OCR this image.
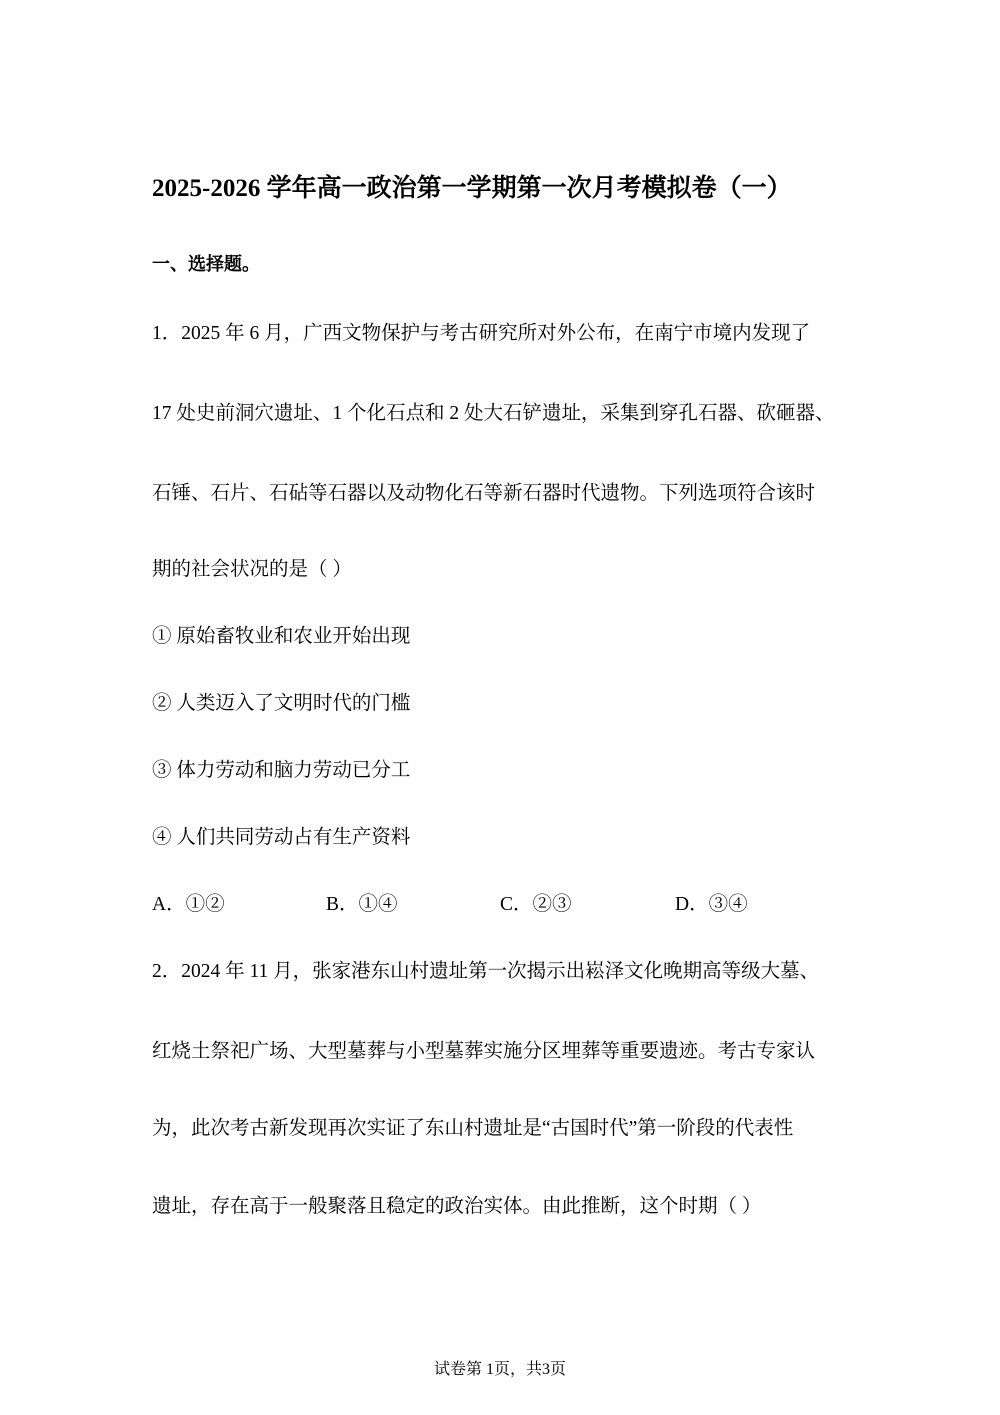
2025-2026 学年高一政治第一学期第一次月考模拟卷（一）
一、选择题。
1．2025 年 6 月，广西文物保护与考古研究所对外公布，在南宁市境内发现了
17 处史前洞穴遗址、1 个化石点和 2 处大石铲遗址，采集到穿孔石器、砍砸器、
石锤、石片、石砧等石器以及动物化石等新石器时代遗物。下列选项符合该时
期的社会状况的是（ ）
① 原始畜牧业和农业开始出现
② 人类迈入了文明时代的门槛
③ 体力劳动和脑力劳动已分工
④ 人们共同劳动占有生产资料
A．①②	B．①④	C．②③	D．③④
2．2024 年 11 月，张家港东山村遗址第一次揭示出崧泽文化晚期高等级大墓、
红烧土祭祀广场、大型墓葬与小型墓葬实施分区埋葬等重要遗迹。考古专家认
为，此次考古新发现再次实证了东山村遗址是“古国时代”第一阶段的代表性
遗址，存在高于一般聚落且稳定的政治实体。由此推断，这个时期（ ）
试卷第 1页，共3页
